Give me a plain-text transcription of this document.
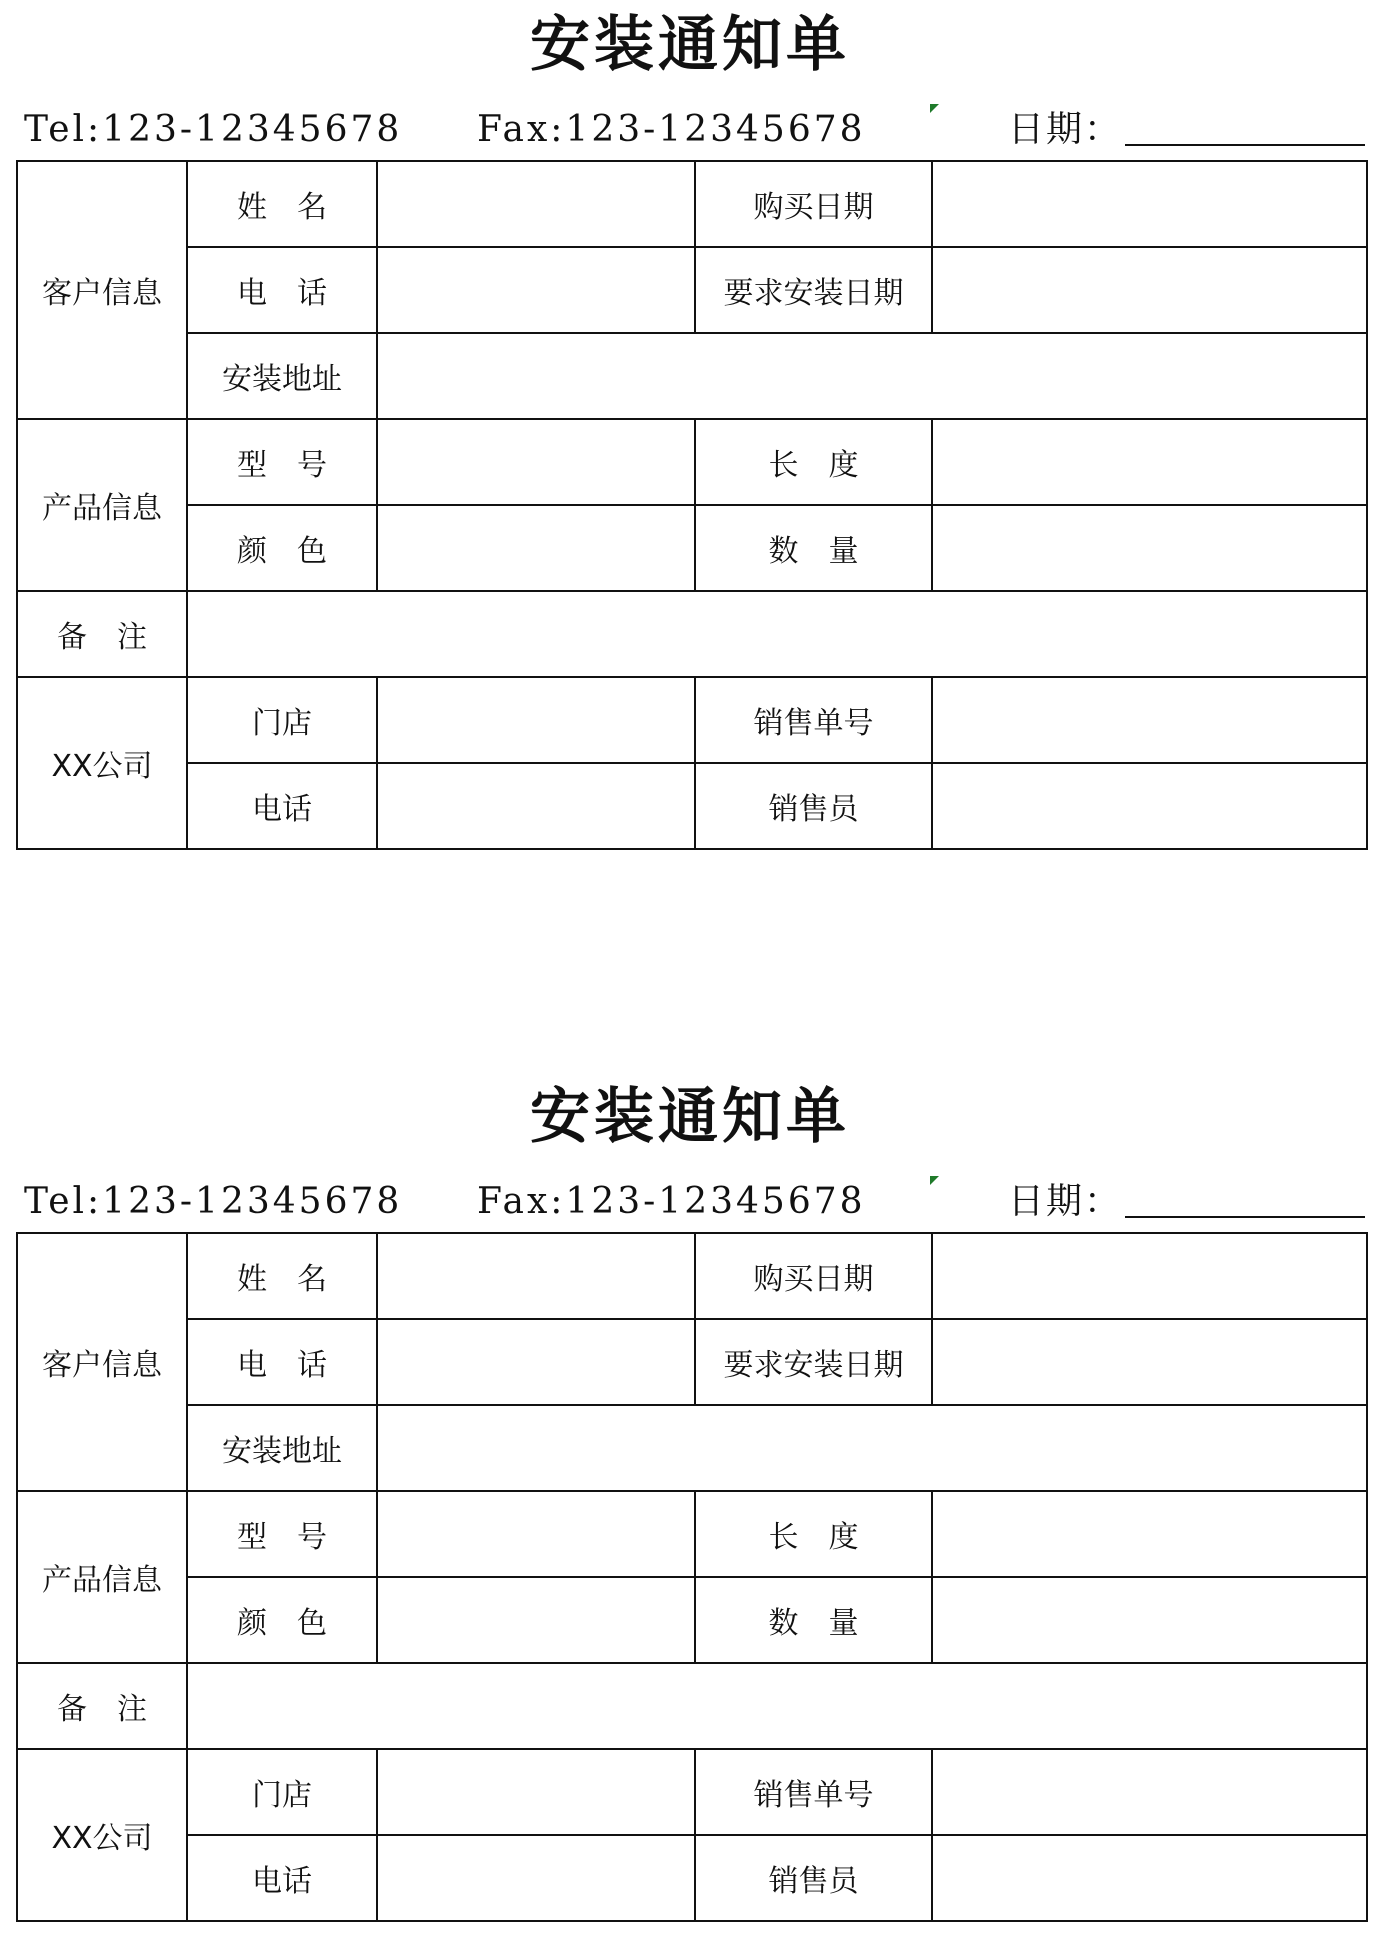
安装通知单
Tel:123-12345678 Fax:123-12345678	日期：
客户信息	姓名		购买日期	
	电话		要求安装日期	
	安装地址			
产品信息	型号		长度	
	颜色		数量	
备注				
XX公司	门店		销售单号	
	电话		销售员	
安装通知单
Tel:123-12345678 Fax:123-12345678	日期：
客户信息	姓名		购买日期	
	电话		要求安装日期	
	安装地址			
产品信息	型号		长度	
	颜色		数量	
备注				
XX公司	门店		销售单号	
	电话		销售员	
